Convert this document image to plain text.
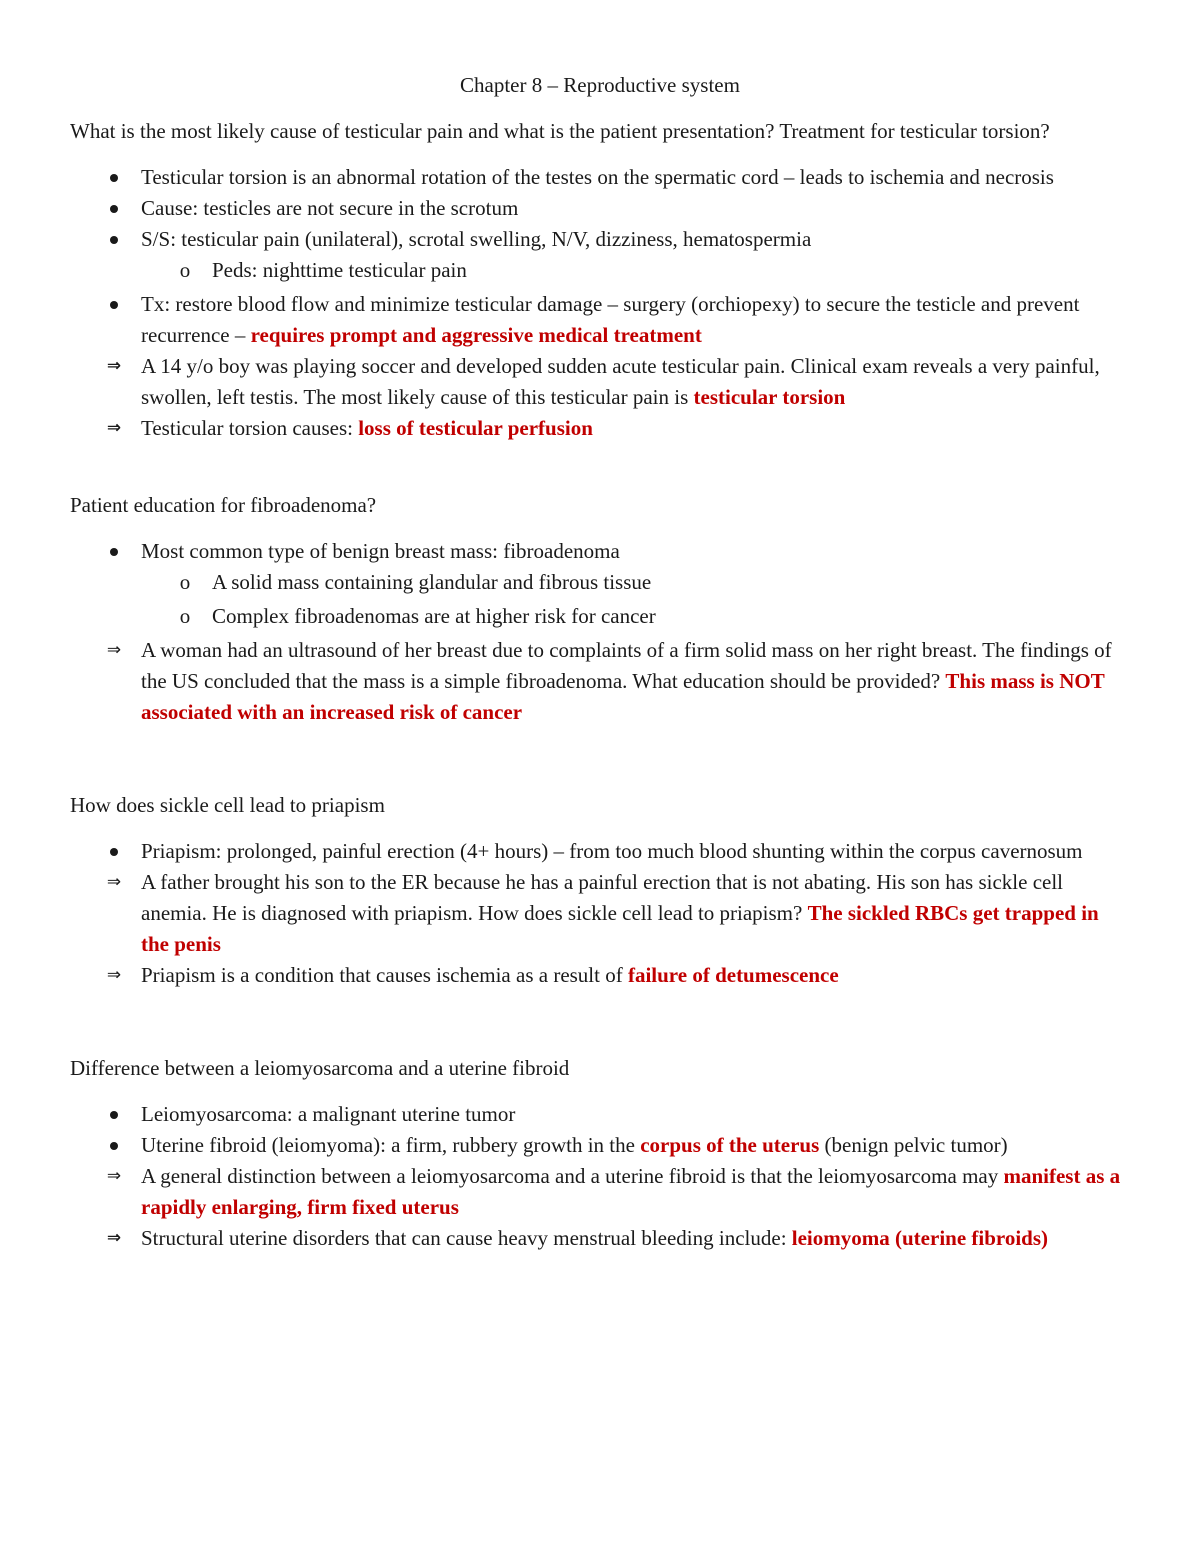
Chapter 8 – Reproductive system
What is the most likely cause of testicular pain and what is the patient presentation? Treatment for testicular torsion?
Testicular torsion is an abnormal rotation of the testes on the spermatic cord – leads to ischemia and necrosis
Cause: testicles are not secure in the scrotum
S/S: testicular pain (unilateral), scrotal swelling, N/V, dizziness, hematospermia
o Peds: nighttime testicular pain
Tx: restore blood flow and minimize testicular damage – surgery (orchiopexy) to secure the testicle and prevent recurrence – requires prompt and aggressive medical treatment
⇒ A 14 y/o boy was playing soccer and developed sudden acute testicular pain. Clinical exam reveals a very painful, swollen, left testis. The most likely cause of this testicular pain is testicular torsion
⇒ Testicular torsion causes: loss of testicular perfusion
Patient education for fibroadenoma?
Most common type of benign breast mass: fibroadenoma
o A solid mass containing glandular and fibrous tissue
o Complex fibroadenomas are at higher risk for cancer
⇒ A woman had an ultrasound of her breast due to complaints of a firm solid mass on her right breast. The findings of the US concluded that the mass is a simple fibroadenoma. What education should be provided? This mass is NOT associated with an increased risk of cancer
How does sickle cell lead to priapism
Priapism: prolonged, painful erection (4+ hours) – from too much blood shunting within the corpus cavernosum
⇒ A father brought his son to the ER because he has a painful erection that is not abating. His son has sickle cell anemia. He is diagnosed with priapism. How does sickle cell lead to priapism? The sickled RBCs get trapped in the penis
⇒ Priapism is a condition that causes ischemia as a result of failure of detumescence
Difference between a leiomyosarcoma and a uterine fibroid
Leiomyosarcoma: a malignant uterine tumor
Uterine fibroid (leiomyoma): a firm, rubbery growth in the corpus of the uterus (benign pelvic tumor)
⇒ A general distinction between a leiomyosarcoma and a uterine fibroid is that the leiomyosarcoma may manifest as a rapidly enlarging, firm fixed uterus
⇒ Structural uterine disorders that can cause heavy menstrual bleeding include: leiomyoma (uterine fibroids)
